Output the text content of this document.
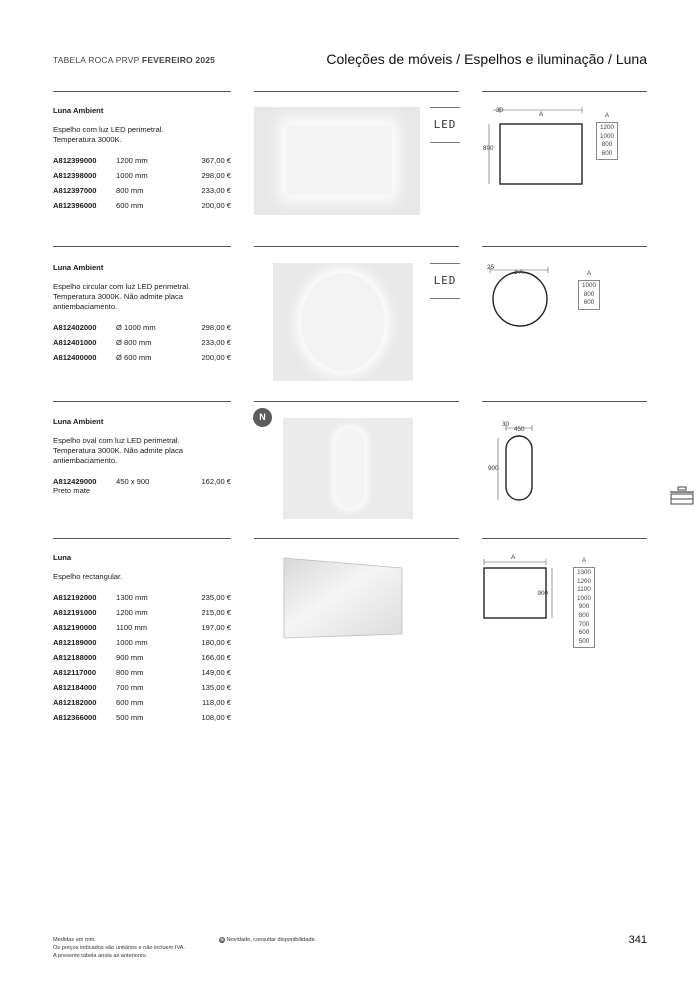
TABELA ROCA PRVP FEVEREIRO 2025	Coleções de móveis / Espelhos e iluminação / Luna
Luna Ambient
Espelho com luz LED perimetral. Temperatura 3000K.
A812399000	1200 mm	367,00 €
A812398000	1000 mm	298,00 €
A812397000	800 mm	233,00 €
A812396000	600 mm	200,00 €
LED
30
A
800
A
1200
1000
800
600
Luna Ambient
Espelho circular com luz LED perimetral. Temperatura 3000K. Não admite placa antiembaciamento.
A812402000	Ø 1000 mm	298,00 €
A812401000	Ø 800 mm	233,00 €
A812400000	Ø 600 mm	200,00 €
LED
25
ø A	A
1000
800
600
Luna Ambient
Espelho oval com luz LED perimetral. Temperatura 3000K. Não admite placa antiembaciamento.
A812429000	450 x 900	162,00 €
Preto mate
N
30
450
900
Luna
Espelho rectangular.
A812192000	1300 mm	235,00 €
A812191000	1200 mm	215,00 €
A812190000	1100 mm	197,00 €
A812189000	1000 mm	180,00 €
A812188000	900 mm	166,00 €
A812117000	800 mm	149,00 €
A812184000	700 mm	135,00 €
A812182000	600 mm	118,00 €
A812366000	500 mm	108,00 €
A
900
A
1300
1200
1100
1000
900
800
700
600
500
Medidas em mm.
Os preços indicados são unitários e não incluem IVA.
A presente tabela anula as anteriores.
N Novidade, consultar disponibilidade.	341
